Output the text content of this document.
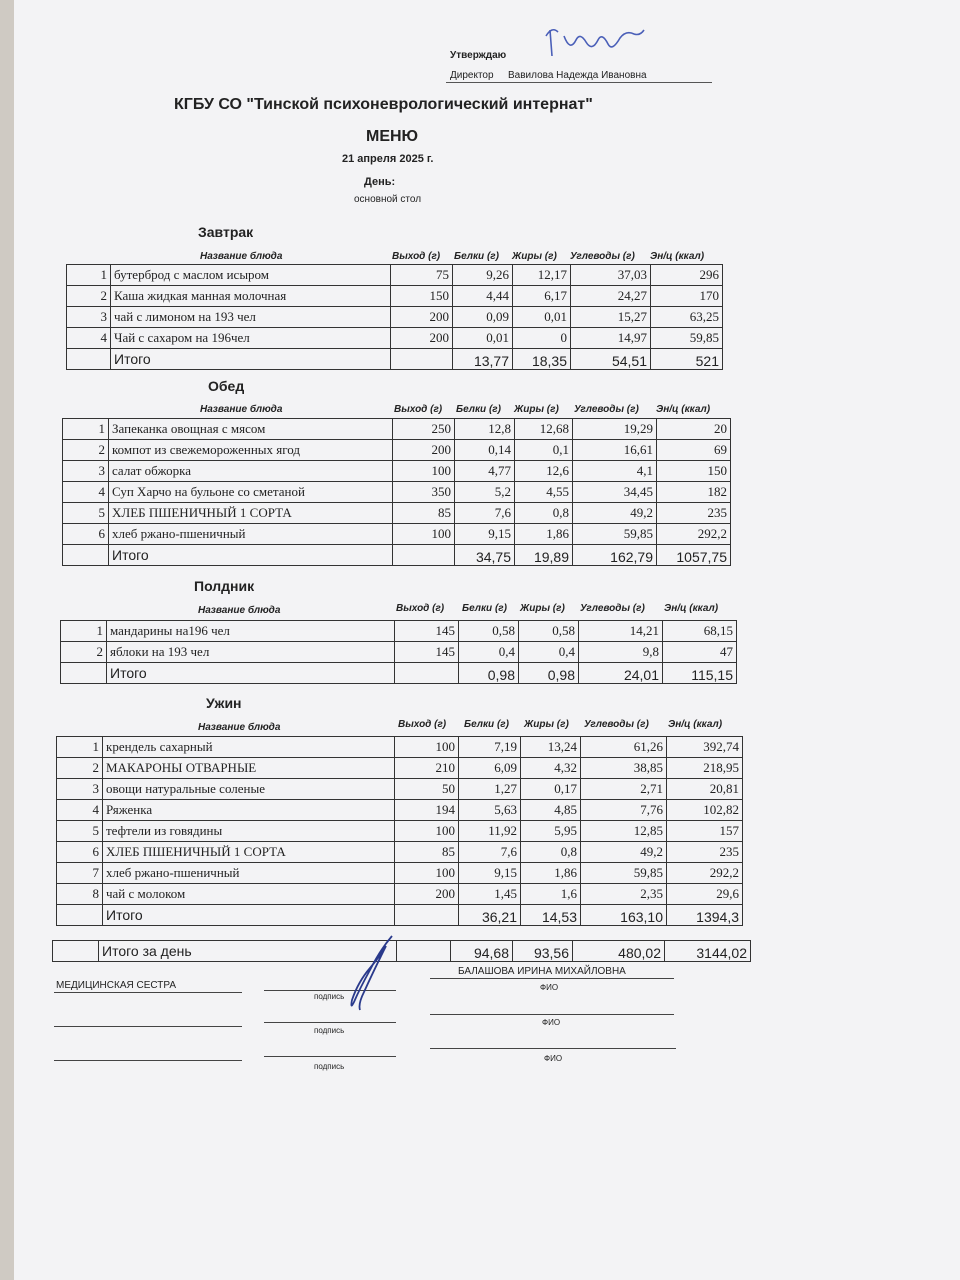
Утверждаю
Директор Вавилова Надежда Ивановна
КГБУ СО "Тинской психоневрологический интернат"
МЕНЮ
21 апреля 2025 г.
День:
основной стол
Завтрак
Название блюда	Выход (г) Белки (г) Жиры (г) Углеводы (г) Эн/ц (ккал)
1	бутерброд с маслом исыром	75	9,26	12,17	37,03	296
2	Каша жидкая манная молочная	150	4,44	6,17	24,27	170
3	чай с лимоном на 193 чел	200	0,09	0,01	15,27	63,25
4	Чай с сахаром на 196чел	200	0,01	0	14,97	59,85
	Итого		13,77	18,35	54,51	521
Обед
Название блюда	Выход (г) Белки (г) Жиры (г) Углеводы (г) Эн/ц (ккал)
1	Запеканка овощная с мясом	250	12,8	12,68	19,29	20
2	компот из свежемороженных ягод	200	0,14	0,1	16,61	69
3	салат обжорка	100	4,77	12,6	4,1	150
4	Суп Харчо на бульоне со сметаной	350	5,2	4,55	34,45	182
5	ХЛЕБ ПШЕНИЧНЫЙ 1 СОРТА	85	7,6	0,8	49,2	235
6	хлеб ржано-пшеничный	100	9,15	1,86	59,85	292,2
	Итого		34,75	19,89	162,79	1057,75
Полдник
Название блюда	Выход (г) Белки (г) Жиры (г) Углеводы (г) Эн/ц (ккал)
1	мандарины на196 чел	145	0,58	0,58	14,21	68,15
2	яблоки на 193 чел	145	0,4	0,4	9,8	47
	Итого		0,98	0,98	24,01	115,15
Ужин
Название блюда	Выход (г) Белки (г) Жиры (г) Углеводы (г) Эн/ц (ккал)
1	крендель сахарный	100	7,19	13,24	61,26	392,74
2	МАКАРОНЫ ОТВАРНЫЕ	210	6,09	4,32	38,85	218,95
3	овощи натуральные соленые	50	1,27	0,17	2,71	20,81
4	Ряженка	194	5,63	4,85	7,76	102,82
5	тефтели из говядины	100	11,92	5,95	12,85	157
6	ХЛЕБ ПШЕНИЧНЫЙ 1 СОРТА	85	7,6	0,8	49,2	235
7	хлеб ржано-пшеничный	100	9,15	1,86	59,85	292,2
8	чай с молоком	200	1,45	1,6	2,35	29,6
	Итого		36,21	14,53	163,10	1394,3
	Итого за день		94,68	93,56	480,02	3144,02
МЕДИЦИНСКАЯ СЕСТРА
подпись
БАЛАШОВА ИРИНА МИХАЙЛОВНА
ФИО
подпись
ФИО
подпись
ФИО
